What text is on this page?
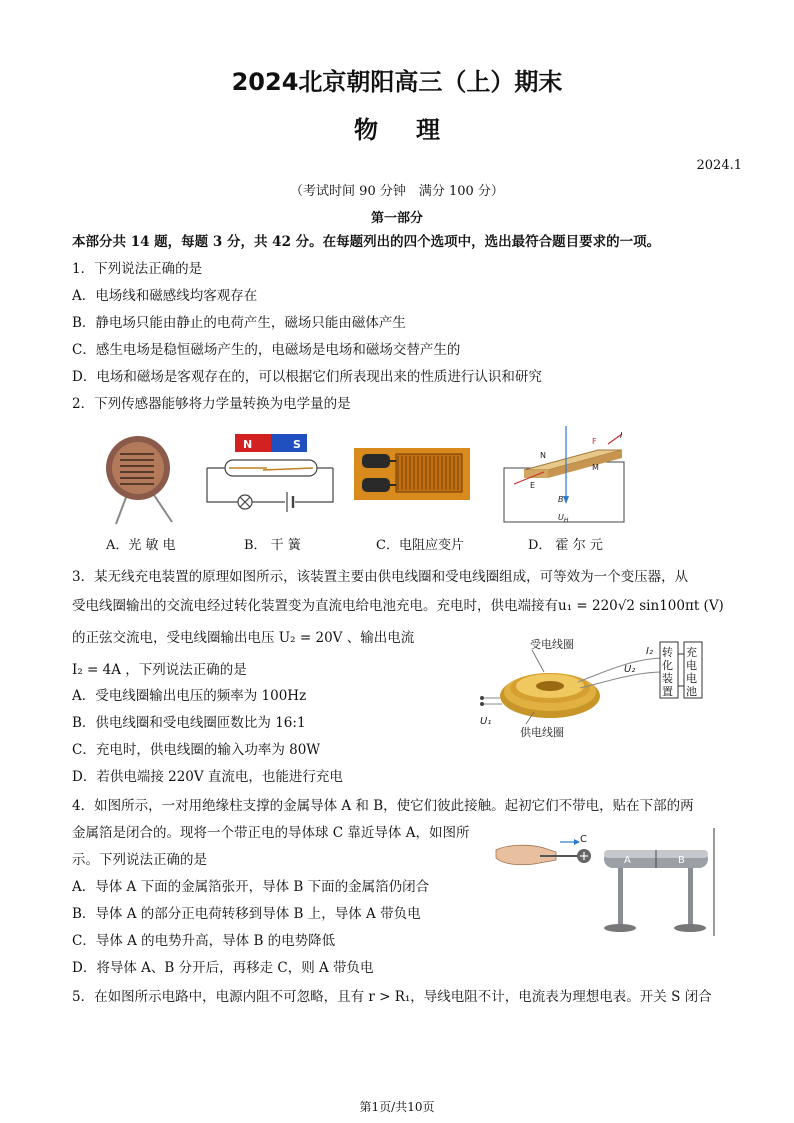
2024北京朝阳高三（上）期末
物理
2024.1
（考试时间 90 分钟　满分 100 分）
第一部分
本部分共 14 题，每题 3 分，共 42 分。在每题列出的四个选项中，选出最符合题目要求的一项。
1．下列说法正确的是
A．电场线和磁感线均客观存在
B．静电场只能由静止的电荷产生，磁场只能由磁体产生
C．感生电场是稳恒磁场产生的，电磁场是电场和磁场交替产生的
D．电场和磁场是客观存在的，可以根据它们所表现出来的性质进行认识和研究
2．下列传感器能够将力学量转换为电学量的是
N	S
N
F
I
M
E
B
$U_H$
A．光 敏 电	B． 干 簧	C．电阻应变片	D． 霍 尔 元
3．某无线充电装置的原理如图所示，该装置主要由供电线圈和受电线圈组成，可等效为一个变压器，从
受电线圈输出的交流电经过转化装置变为直流电给电池充电。充电时，供电端接有u₁ = 220√2 sin100πt (V)
的正弦交流电，受电线圈输出电压 U₂ = 20V 、输出电流
I₂ = 4A ，下列说法正确的是
A．受电线圈输出电压的频率为 100Hz
B．供电线圈和受电线圈匝数比为 16:1
C．充电时，供电线圈的输入功率为 80W
D．若供电端接 220V 直流电，也能进行充电
受电线圈
供电线圈
I₂
U₂
U₁
转化装置
充电电池
4．如图所示，一对用绝缘柱支撑的金属导体 A 和 B，使它们彼此接触。起初它们不带电，贴在下部的两
金属箔是闭合的。现将一个带正电的导体球 C 靠近导体 A，如图所
示。下列说法正确的是
A．导体 A 下面的金属箔张开，导体 B 下面的金属箔仍闭合
B．导体 A 的部分正电荷转移到导体 B 上，导体 A 带负电
C．导体 A 的电势升高，导体 B 的电势降低
D．将导体 A、B 分开后，再移走 C，则 A 带负电
C
A	B
5．在如图所示电路中，电源内阻不可忽略，且有 r > R₁，导线电阻不计，电流表为理想电表。开关 S 闭合
第1页/共10页
